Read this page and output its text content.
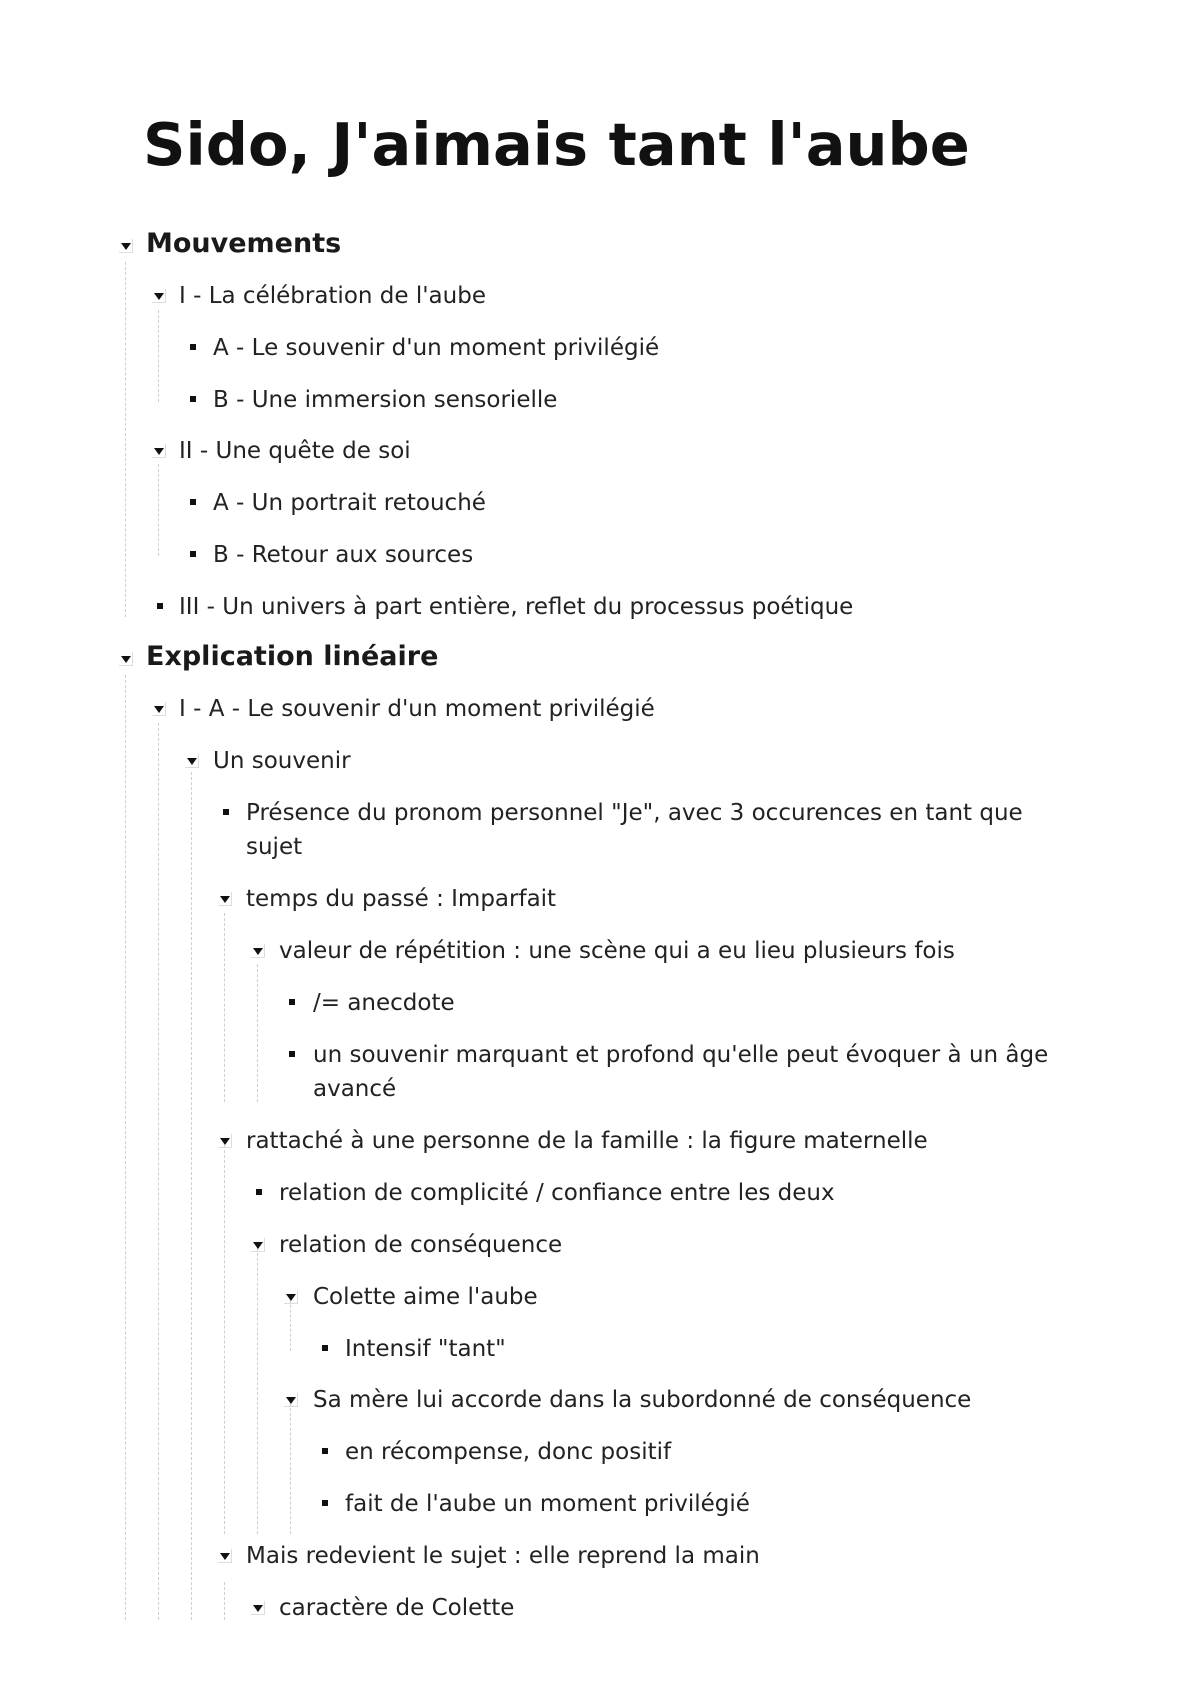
Sido, J'aimais tant l'aube
Mouvements
I - La célébration de l'aube
A - Le souvenir d'un moment privilégié
B - Une immersion sensorielle
II - Une quête de soi
A - Un portrait retouché
B - Retour aux sources
III - Un univers à part entière, reflet du processus poétique
Explication linéaire
I - A - Le souvenir d'un moment privilégié
Un souvenir
Présence du pronom personnel "Je", avec 3 occurences en tant que
sujet
temps du passé : Imparfait
valeur de répétition : une scène qui a eu lieu plusieurs fois
/= anecdote
un souvenir marquant et profond qu'elle peut évoquer à un âge
avancé
rattaché à une personne de la famille : la figure maternelle
relation de complicité / confiance entre les deux
relation de conséquence
Colette aime l'aube
Intensif "tant"
Sa mère lui accorde dans la subordonné de conséquence
en récompense, donc positif
fait de l'aube un moment privilégié
Mais redevient le sujet : elle reprend la main
caractère de Colette
